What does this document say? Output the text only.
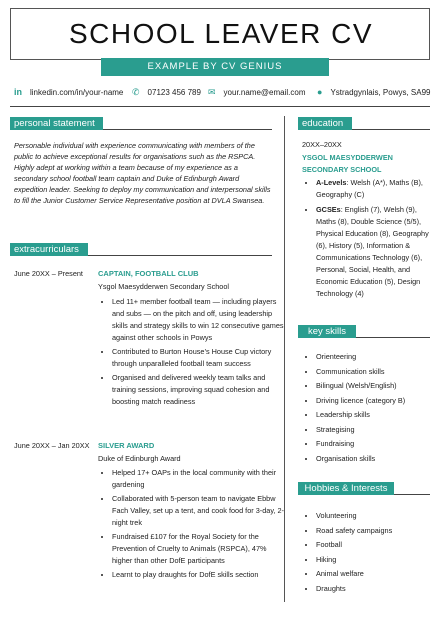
SCHOOL LEAVER CV
EXAMPLE BY CV GENIUS
in linkedin.com/in/your-name ✆ 07123 456 789 ✉ your.name@email.com ● Ystradgynlais, Powys, SA99
personal statement
Personable individual with experience communicating with members of the public to achieve exceptional results for organisations such as the RSPCA. Highly adept at working within a team because of my experience as a secondary school football team captain and Duke of Edinburgh Award expedition leader. Seeking to deploy my communication and interpersonal skills to fill the Junior Customer Service Representative position at DVLA Swansea.
extracurriculars
June 20XX – Present CAPTAIN, FOOTBALL CLUB
Ysgol Maesydderwen Secondary School
• Led 11+ member football team — including players and subs — on the pitch and off, using leadership skills and strategy skills to win 12 consecutive games against other schools in Powys
• Contributed to Burton House’s House Cup victory through unparalleled football team success
• Organised and delivered weekly team talks and training sessions, improving squad cohesion and boosting match readiness
June 20XX – Jan 20XX SILVER AWARD
Duke of Edinburgh Award
• Helped 17+ OAPs in the local community with their gardening
• Collaborated with 5-person team to navigate Ebbw Fach Valley, set up a tent, and cook food for 3-day, 2-night trek
• Fundraised £107 for the Royal Society for the Prevention of Cruelty to Animals (RSPCA), 47% higher than other DofE participants
• Learnt to play draughts for DofE skills section
education
20XX–20XX
YSGOL MAESYDDERWEN SECONDARY SCHOOL
• A-Levels: Welsh (A*), Maths (B), Geography (C)
• GCSEs: English (7), Welsh (9), Maths (8), Double Science (5/5), Physical Education (8), Geography (6), History (5), Information & Communications Technology (6), Personal, Social, Health, and Economic Education (5), Design Technology (4)
key skills
• Orienteering
• Communication skills
• Bilingual (Welsh/English)
• Driving licence (category B)
• Leadership skills
• Strategising
• Fundraising
• Organisation skills
Hobbies & Interests
• Volunteering
• Road safety campaigns
• Football
• Hiking
• Animal welfare
• Draughts
